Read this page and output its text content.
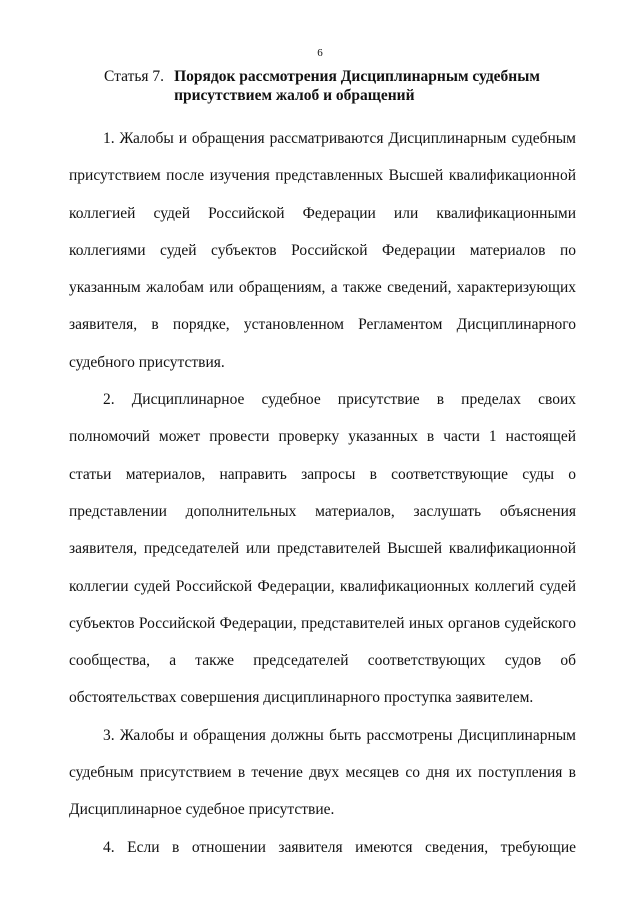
6
Статья 7. Порядок рассмотрения Дисциплинарным судебным присутствием жалоб и обращений

1. Жалобы и обращения рассматриваются Дисциплинарным судебным присутствием после изучения представленных Высшей квалификационной коллегией судей Российской Федерации или квалификационными коллегиями судей субъектов Российской Федерации материалов по указанным жалобам или обращениям, а также сведений, характеризующих заявителя, в порядке, установленном Регламентом Дисциплинарного судебного присутствия.

2. Дисциплинарное судебное присутствие в пределах своих полномочий может провести проверку указанных в части 1 настоящей статьи материалов, направить запросы в соответствующие суды о представлении дополнительных материалов, заслушать объяснения заявителя, председателей или представителей Высшей квалификационной коллегии судей Российской Федерации, квалификационных коллегий судей субъектов Российской Федерации, представителей иных органов судейского сообщества, а также председателей соответствующих судов об обстоятельствах совершения дисциплинарного проступка заявителем.

3. Жалобы и обращения должны быть рассмотрены Дисциплинарным судебным присутствием в течение двух месяцев со дня их поступления в Дисциплинарное судебное присутствие.

4. Если в отношении заявителя имеются сведения, требующие
